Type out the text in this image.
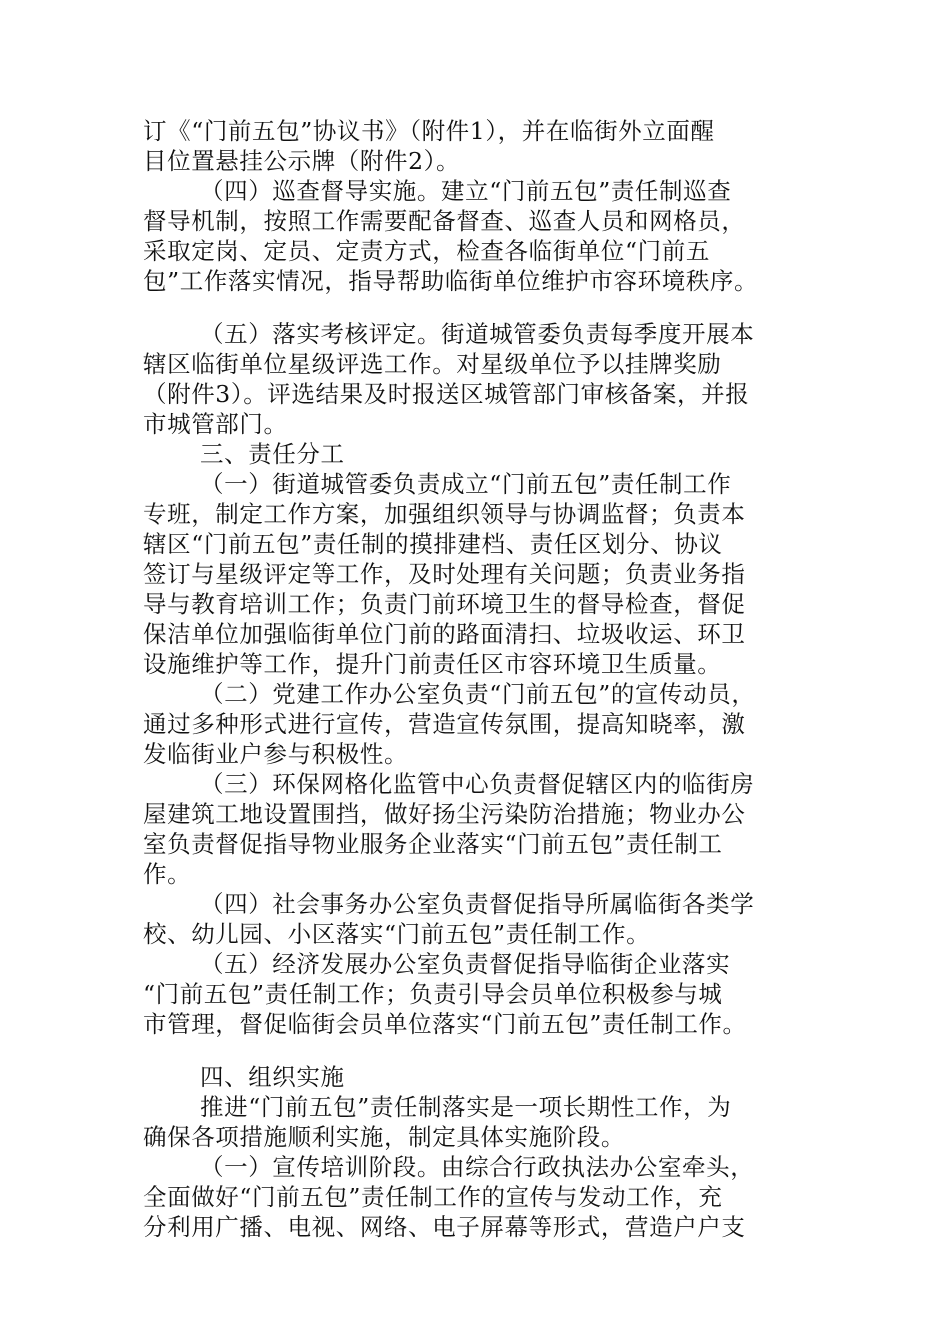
订《“门前五包”协议书》（附件1），并在临街外立面醒
目位置悬挂公示牌（附件2）。
（四）巡查督导实施。建立“门前五包”责任制巡查
督导机制，按照工作需要配备督查、巡查人员和网格员，
采取定岗、定员、定责方式，检查各临街单位“门前五
包”工作落实情况，指导帮助临街单位维护市容环境秩序。
（五）落实考核评定。街道城管委负责每季度开展本
辖区临街单位星级评选工作。对星级单位予以挂牌奖励
（附件3）。评选结果及时报送区城管部门审核备案，并报
市城管部门。
三、责任分工
（一）街道城管委负责成立“门前五包”责任制工作
专班，制定工作方案，加强组织领导与协调监督；负责本
辖区“门前五包”责任制的摸排建档、责任区划分、协议
签订与星级评定等工作，及时处理有关问题；负责业务指
导与教育培训工作；负责门前环境卫生的督导检查，督促
保洁单位加强临街单位门前的路面清扫、垃圾收运、环卫
设施维护等工作，提升门前责任区市容环境卫生质量。
（二）党建工作办公室负责“门前五包”的宣传动员，
通过多种形式进行宣传，营造宣传氛围，提高知晓率，激
发临街业户参与积极性。
（三）环保网格化监管中心负责督促辖区内的临街房
屋建筑工地设置围挡，做好扬尘污染防治措施；物业办公
室负责督促指导物业服务企业落实“门前五包”责任制工
作。
（四）社会事务办公室负责督促指导所属临街各类学
校、幼儿园、小区落实“门前五包”责任制工作。
（五）经济发展办公室负责督促指导临街企业落实
“门前五包”责任制工作；负责引导会员单位积极参与城
市管理，督促临街会员单位落实“门前五包”责任制工作。
四、组织实施
推进“门前五包”责任制落实是一项长期性工作，为
确保各项措施顺利实施，制定具体实施阶段。
（一）宣传培训阶段。由综合行政执法办公室牵头，
全面做好“门前五包”责任制工作的宣传与发动工作，充
分利用广播、电视、网络、电子屏幕等形式，营造户户支
